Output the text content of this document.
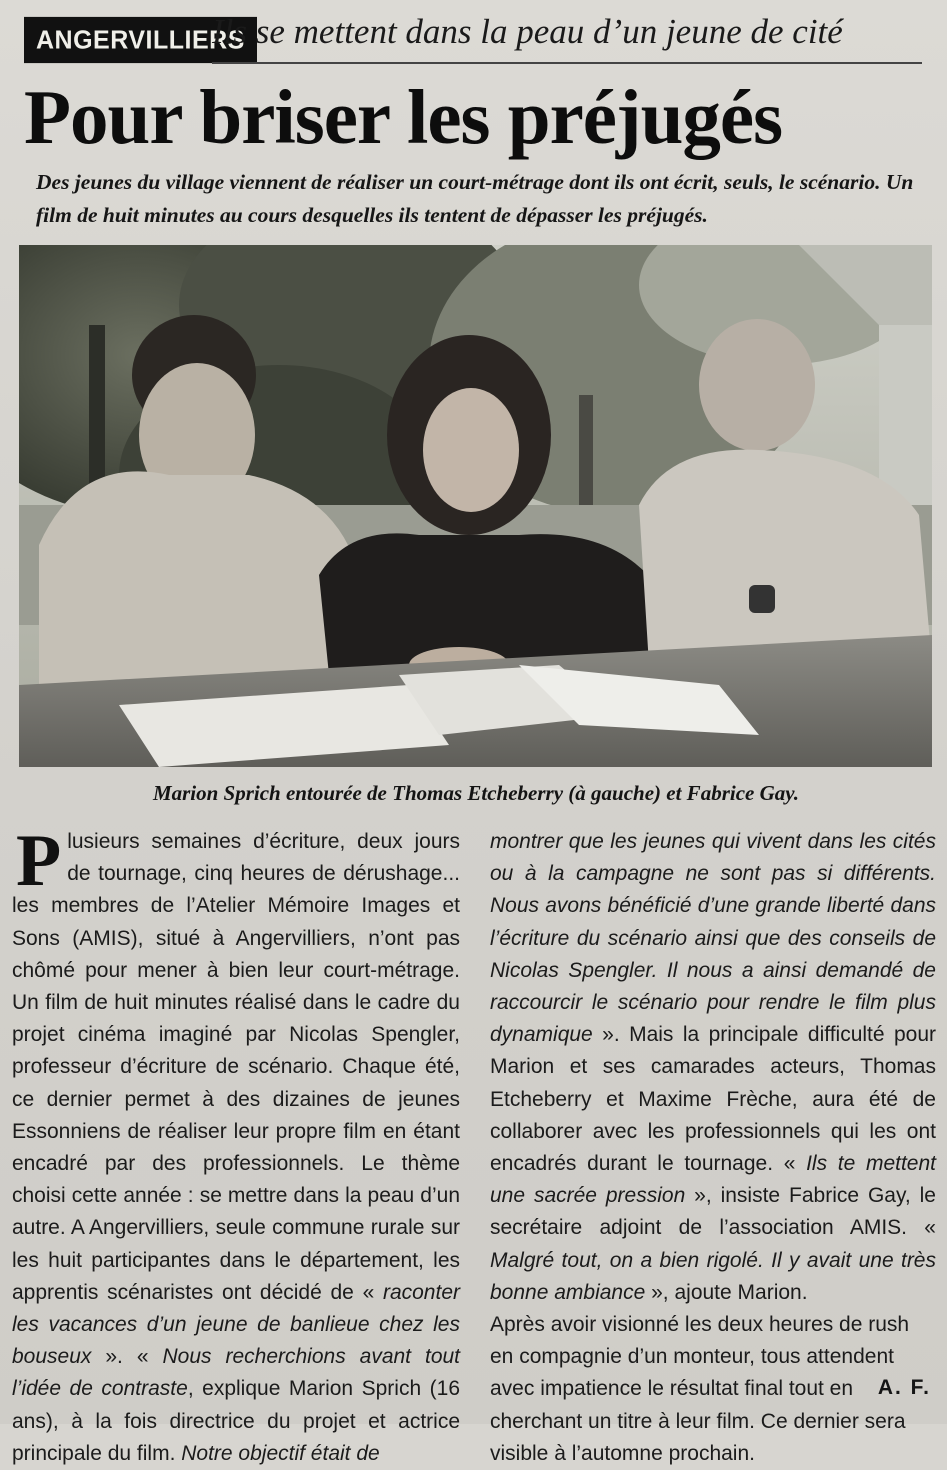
ANGERVILLIERS
Ils se mettent dans la peau d’un jeune de cité
Pour briser les préjugés
Des jeunes du village viennent de réaliser un court-métrage dont ils ont écrit, seuls, le scénario. Un film de huit minutes au cours desquelles ils tentent de dépasser les préjugés.
Marion Sprich entourée de Thomas Etcheberry (à gauche) et Fabrice Gay.

Plusieurs semaines d’écriture, deux jours de tournage, cinq heures de dérushage... les membres de l’Atelier Mémoire Images et Sons (AMIS), situé à Angervilliers, n’ont pas chômé pour mener à bien leur court-métrage. Un film de huit minutes réalisé dans le cadre du projet cinéma imaginé par Nicolas Spengler, professeur d’écriture de scénario. Chaque été, ce dernier permet à des dizaines de jeunes Essonniens de réaliser leur propre film en étant encadré par des professionnels. Le thème choisi cette année : se mettre dans la peau d’un autre. A Angervilliers, seule commune rurale sur les huit participantes dans le département, les apprentis scénaristes ont décidé de « raconter les vacances d’un jeune de banlieue chez les bouseux ». « Nous recherchions avant tout l’idée de contraste, explique Marion Sprich (16 ans), à la fois directrice du projet et actrice principale du film. Notre objectif était de

montrer que les jeunes qui vivent dans les cités ou à la campagne ne sont pas si différents. Nous avons bénéficié d’une grande liberté dans l’écriture du scénario ainsi que des conseils de Nicolas Spengler. Il nous a ainsi demandé de raccourcir le scénario pour rendre le film plus dynamique ». Mais la principale difficulté pour Marion et ses camarades acteurs, Thomas Etcheberry et Maxime Frèche, aura été de collaborer avec les professionnels qui les ont encadrés durant le tournage. « Ils te mettent une sacrée pression », insiste Fabrice Gay, le secrétaire adjoint de l’association AMIS. « Malgré tout, on a bien rigolé. Il y avait une très bonne ambiance », ajoute Marion.

Après avoir visionné les deux heures de rush en compagnie d’un monteur, tous attendent avec impatience le résultat final tout en cherchant un titre à leur film. Ce dernier sera visible à l’automne prochain.

A. F.
